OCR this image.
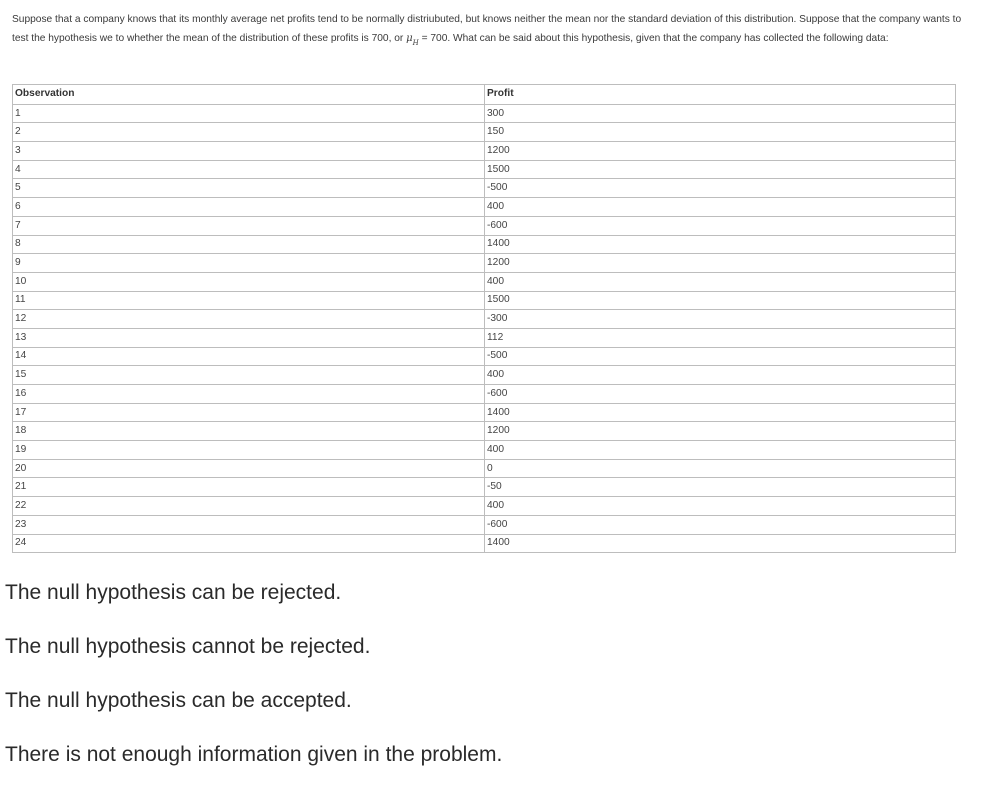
Suppose that a company knows that its monthly average net profits tend to be normally distriubuted, but knows neither the mean nor the standard deviation of this distribution. Suppose that the company wants to test the hypothesis we to whether the mean of the distribution of these profits is 700, or $\mu_H = 700$. What can be said about this hypothesis, given that the company has collected the following data:
Observation	Profit
1	300
2	150
3	1200
4	1500
5	-500
6	400
7	-600
8	1400
9	1200
10	400
11	1500
12	-300
13	112
14	-500
15	400
16	-600
17	1400
18	1200
19	400
20	0
21	-50
22	400
23	-600
24	1400
The null hypothesis can be rejected.
The null hypothesis cannot be rejected.
The null hypothesis can be accepted.
There is not enough information given in the problem.
